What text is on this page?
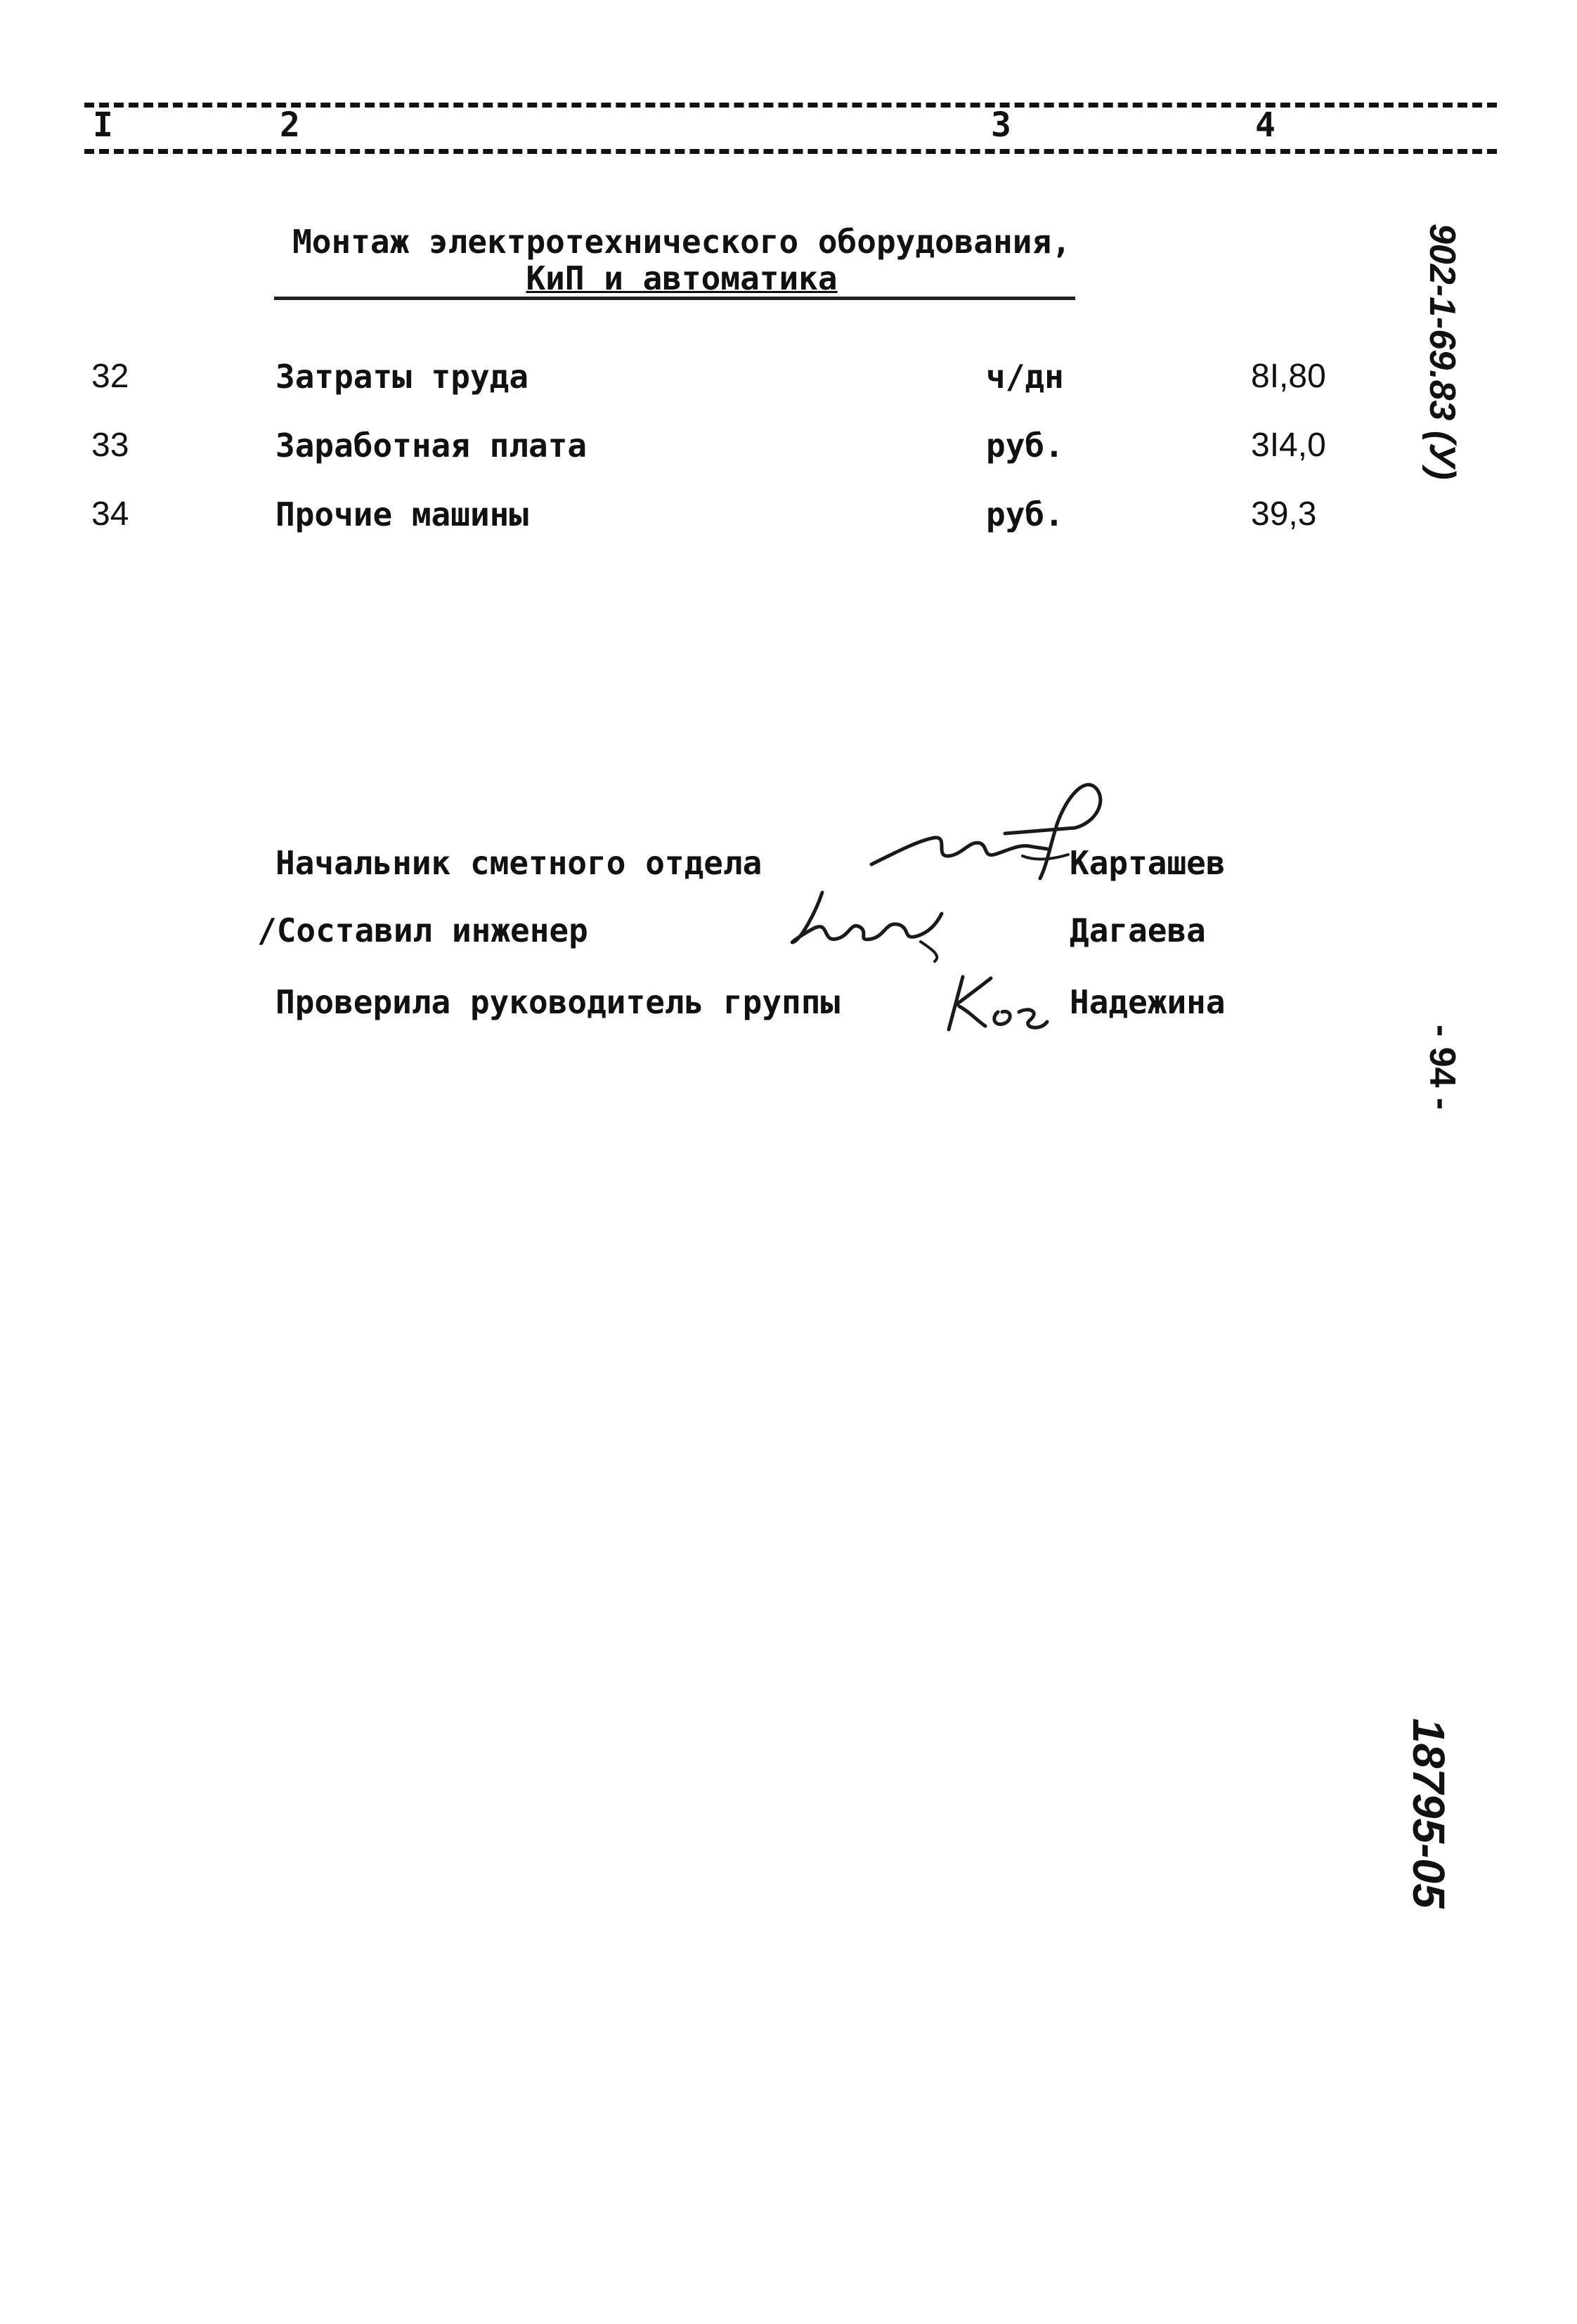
I	2	3	4
Монтаж электротехнического оборудования,
КиП и автоматика
32	Затраты труда	ч/дн	8I,80
33	Заработная плата	руб.	3I4,0
34	Прочие машины	руб.	39,3
Начальник сметного отдела	Карташев
/Составил инженер	Дагаева
Проверила руководитель группы	Надежина
902-1-69.83 (У)
- 94 -
18795-05
